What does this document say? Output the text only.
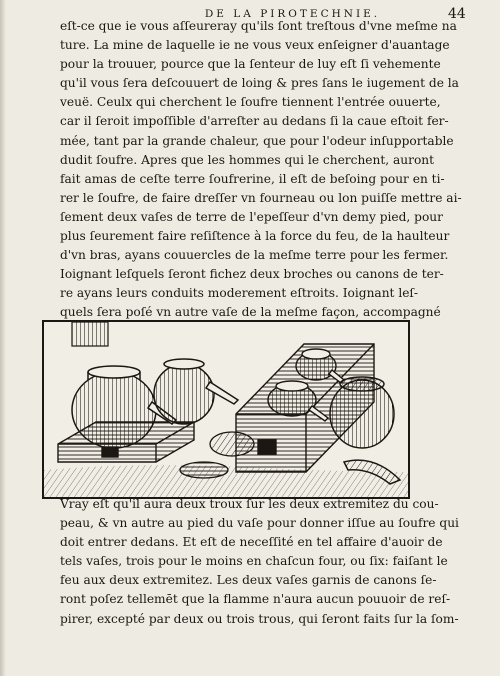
DE LA PIROTECHNIE.	44
eſt-ce que ie vous aſſeureray qu'ils ſont treſtous d'vne meſme na
ture. La mine de laquelle ie ne vous veux enſeigner d'auantage
pour la trouuer, pource que la ſenteur de luy eſt ſi vehemente
qu'il vous ſera deſcouuert de loing & pres ſans le iugement de la
veuë. Ceulx qui cherchent le ſoufre tiennent l'entrée ouuerte,
car il ſeroit impoſſible d'arreſter au dedans ſi la caue eſtoit fer-
mée, tant par la grande chaleur, que pour l'odeur inſupportable
dudit ſoufre. Apres que les hommes qui le cherchent, auront
fait amas de ceſte terre ſoufrerine, il eſt de beſoing pour en ti-
rer le ſoufre, de faire dreſſer vn fourneau ou lon puiſſe mettre ai-
ſement deux vaſes de terre de l'epeſſeur d'vn demy pied, pour
plus ſeurement faire reſiſtence à la force du feu, de la haulteur
d'vn bras, ayans couuercles de la meſme terre pour les fermer.
Ioignant leſquels ſeront fichez deux broches ou canons de ter-
re ayans leurs conduits moderement eſtroits. Ioignant leſ-
quels ſera poſé vn autre vaſe de la meſme façon, accompagné
Vray eſt qu'il aura deux troux ſur les deux extremitez du cou-
peau, & vn autre au pied du vaſe pour donner iſſue au ſoufre qui
doit entrer dedans. Et eſt de neceſſité en tel affaire d'auoir de
tels vaſes, trois pour le moins en chaſcun four, ou ſix: faiſant le
feu aux deux extremitez. Les deux vaſes garnis de canons ſe-
ront poſez tellemēt que la flamme n'aura aucun pouuoir de reſ-
pirer, excepté par deux ou trois trous, qui ſeront faits ſur la ſom-
